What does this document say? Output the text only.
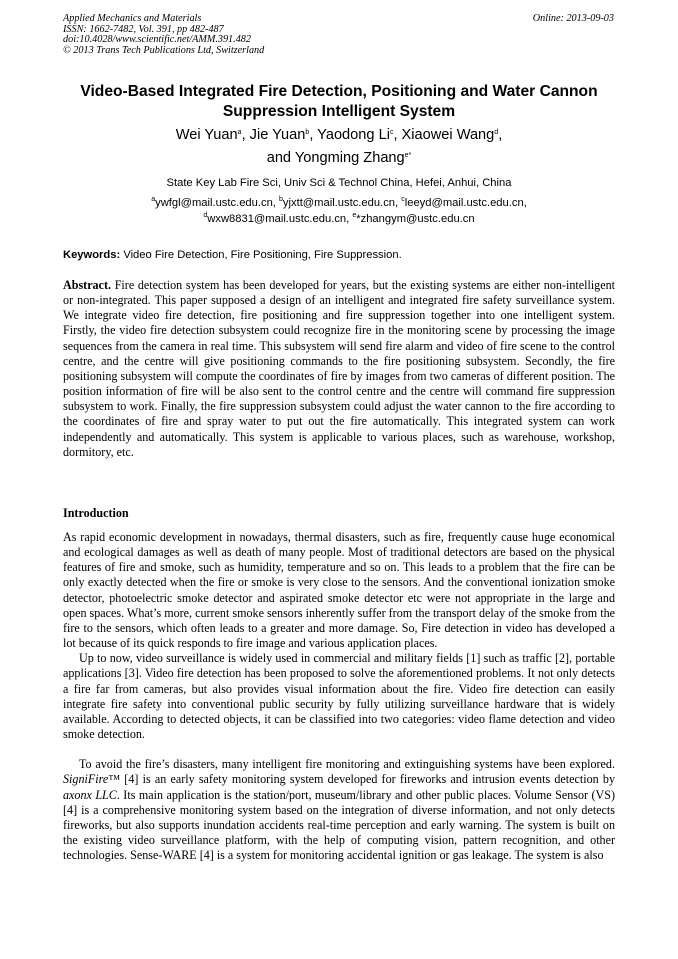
Applied Mechanics and Materials
ISSN: 1662-7482, Vol. 391, pp 482-487
doi:10.4028/www.scientific.net/AMM.391.482
© 2013 Trans Tech Publications Ltd, Switzerland
Online: 2013-09-03
Video-Based Integrated Fire Detection, Positioning and Water Cannon
Suppression Intelligent System
Wei Yuan$^a$, Jie Yuan$^b$, Yaodong Li$^c$, Xiaowei Wang$^d$,
and Yongming Zhang$^{e*}$
State Key Lab Fire Sci, Univ Sci & Technol China, Hefei, Anhui, China
$^a$ywfgl@mail.ustc.edu.cn, $^b$yjxtt@mail.ustc.edu.cn, $^c$leeyd@mail.ustc.edu.cn,
$^d$wxw8831@mail.ustc.edu.cn, $^e$*zhangym@ustc.edu.cn
Keywords: Video Fire Detection, Fire Positioning, Fire Suppression.

Abstract. Fire detection system has been developed for years, but the existing systems are either non-intelligent or non-integrated. This paper supposed a design of an intelligent and integrated fire safety surveillance system. We integrate video fire detection, fire positioning and fire suppression together into one intelligent system. Firstly, the video fire detection subsystem could recognize fire in the monitoring scene by processing the image sequences from the camera in real time. This subsystem will send fire alarm and video of fire scene to the control centre, and the centre will give positioning commands to the fire positioning subsystem. Secondly, the fire positioning subsystem will compute the coordinates of fire by images from two cameras of different position. The position information of fire will be also sent to the control centre and the centre will command fire suppression subsystem to work. Finally, the fire suppression subsystem could adjust the water cannon to the fire according to the coordinates of fire and spray water to put out the fire automatically. This integrated system can work independently and automatically. This system is applicable to various places, such as warehouse, workshop, dormitory, etc.

Introduction

As rapid economic development in nowadays, thermal disasters, such as fire, frequently cause huge economical and ecological damages as well as death of many people. Most of traditional detectors are based on the physical features of fire and smoke, such as humidity, temperature and so on. This leads to a problem that the fire can be only exactly detected when the fire or smoke is very close to the sensors. And the conventional ionization smoke detector, photoelectric smoke detector and aspirated smoke detector etc were not appropriate in the large and open spaces. What’s more, current smoke sensors inherently suffer from the transport delay of the smoke from the fire to the sensors, which often leads to a greater and more damage. So, Fire detection in video has developed a lot because of its quick responds to fire image and various application places.

Up to now, video surveillance is widely used in commercial and military fields [1] such as traffic [2], portable applications [3]. Video fire detection has been proposed to solve the aforementioned problems. It not only detects a fire far from cameras, but also provides visual information about the fire. Video fire detection can easily integrate fire safety into conventional public security by fully utilizing surveillance hardware that is widely available. According to detected objects, it can be classified into two categories: video flame detection and video smoke detection.

To avoid the fire’s disasters, many intelligent fire monitoring and extinguishing systems have been explored. SigniFire™ [4] is an early safety monitoring system developed for fireworks and intrusion events detection by axonx LLC. Its main application is the station/port, museum/library and other public places. Volume Sensor (VS) [4] is a comprehensive monitoring system based on the integration of diverse information, and not only detects fireworks, but also supports inundation accidents real-time perception and early warning. The system is built on the existing video surveillance platform, with the help of computing vision, pattern recognition, and other technologies. Sense-WARE [4] is a system for monitoring accidental ignition or gas leakage. The system is also
